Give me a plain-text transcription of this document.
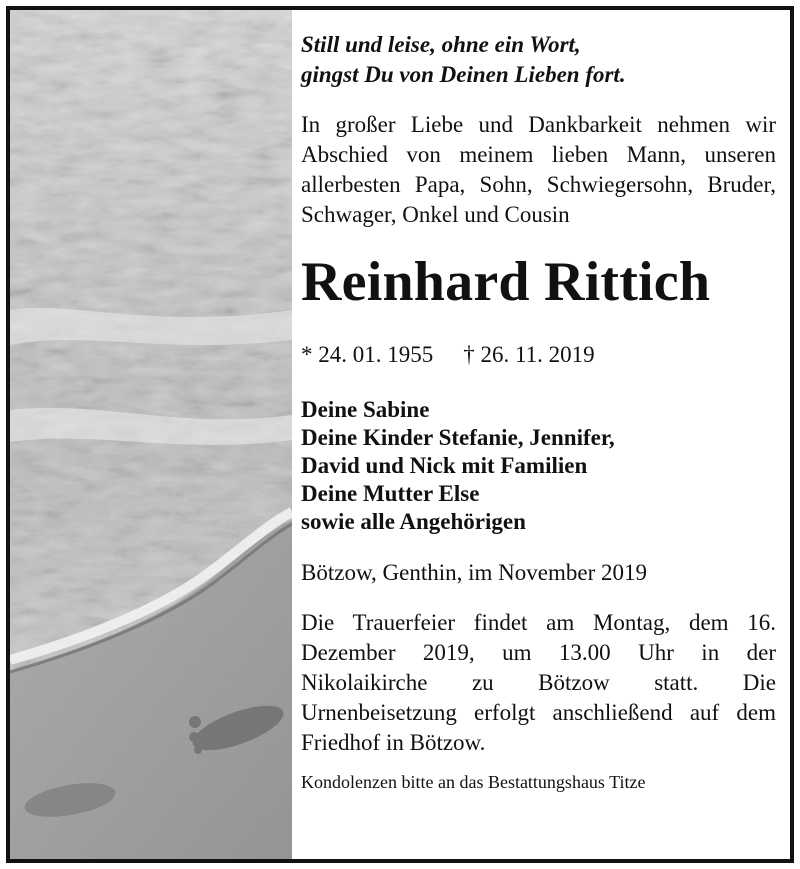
Still und leise, ohne ein Wort,
gingst Du von Deinen Lieben fort.

In großer Liebe und Dankbarkeit nehmen wir Abschied von meinem lieben Mann, unseren allerbesten Papa, Sohn, Schwiegersohn, Bruder, Schwager, Onkel und Cousin

Reinhard Rittich

* 24. 01. 1955 † 26. 11. 2019

Deine Sabine
Deine Kinder Stefanie, Jennifer,
David und Nick mit Familien
Deine Mutter Else
sowie alle Angehörigen

Bötzow, Genthin, im November 2019

Die Trauerfeier findet am Montag, dem 16. Dezember 2019, um 13.00 Uhr in der Nikolaikirche zu Bötzow statt. Die Urnenbeisetzung erfolgt anschließend auf dem Friedhof in Bötzow.

Kondolenzen bitte an das Bestattungshaus Titze
